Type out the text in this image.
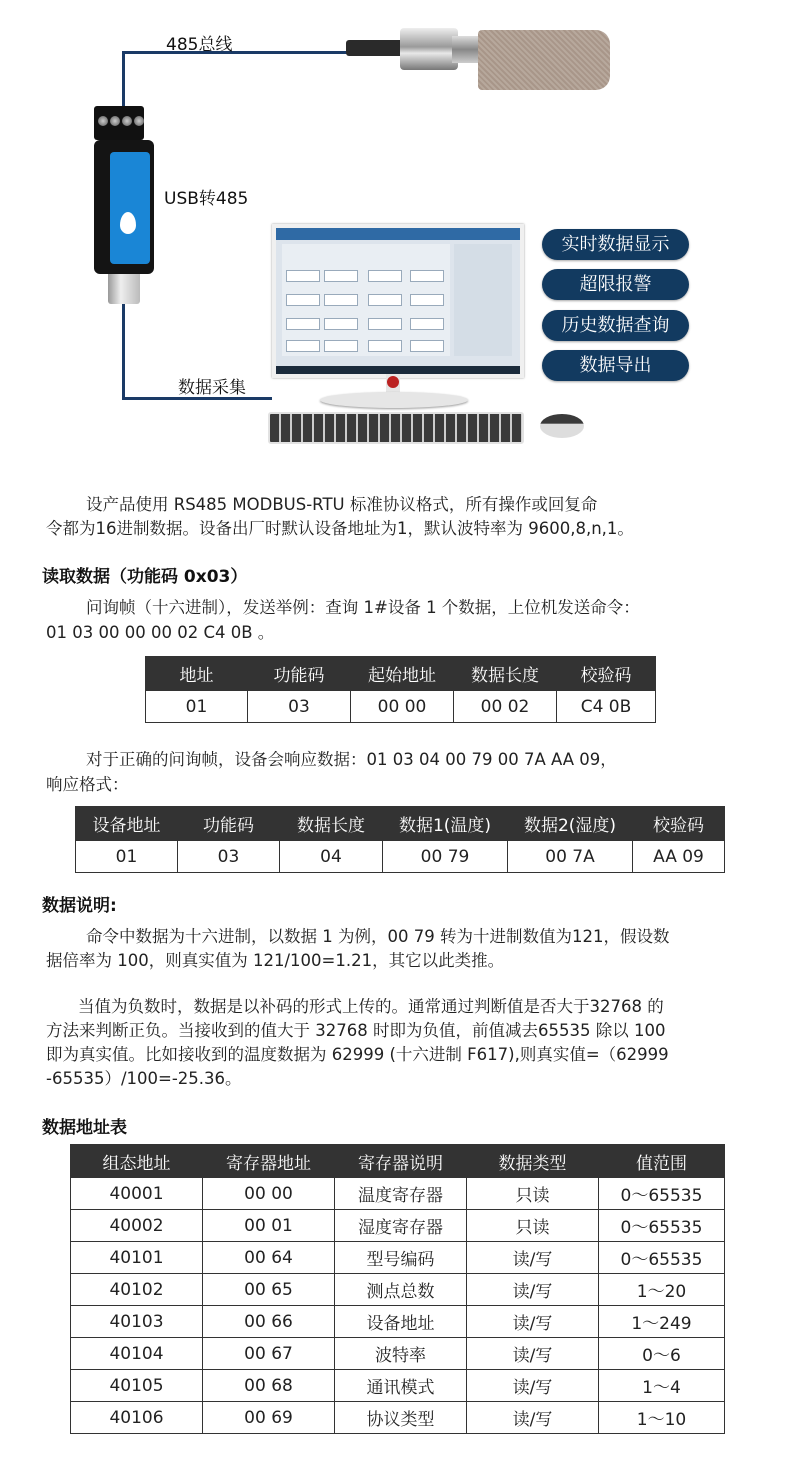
485总线
USB转485
数据采集
实时数据显示
超限报警
历史数据查询
数据导出
设产品使用 RS485 MODBUS-RTU 标准协议格式，所有操作或回复命
令都为16进制数据。设备出厂时默认设备地址为1，默认波特率为 9600,8,n,1。
读取数据（功能码 0x03）
问询帧（十六进制），发送举例：查询 1#设备 1 个数据，上位机发送命令：
01 03 00 00 00 02 C4 0B 。
地址	功能码	起始地址	数据长度	校验码
01	03	00 00	00 02	C4 0B
对于正确的问询帧，设备会响应数据：01 03 04 00 79 00 7A AA 09，
响应格式：
设备地址	功能码	数据长度	数据1(温度)	数据2(湿度)	校验码
01	03	04	00 79	00 7A	AA 09
数据说明:
命令中数据为十六进制，以数据 1 为例，00 79 转为十进制数值为121，假设数
据倍率为 100，则真实值为 121/100=1.21，其它以此类推。
当值为负数时，数据是以补码的形式上传的。通常通过判断值是否大于32768 的
方法来判断正负。当接收到的值大于 32768 时即为负值，前值减去65535 除以 100
即为真实值。比如接收到的温度数据为 62999 (十六进制 F617),则真实值=（62999
-65535）/100=-25.36。
数据地址表
组态地址	寄存器地址	寄存器说明	数据类型	值范围
40001	00 00	温度寄存器	只读	0～65535
40002	00 01	湿度寄存器	只读	0～65535
40101	00 64	型号编码	读/写	0～65535
40102	00 65	测点总数	读/写	1～20
40103	00 66	设备地址	读/写	1～249
40104	00 67	波特率	读/写	0～6
40105	00 68	通讯模式	读/写	1～4
40106	00 69	协议类型	读/写	1～10
